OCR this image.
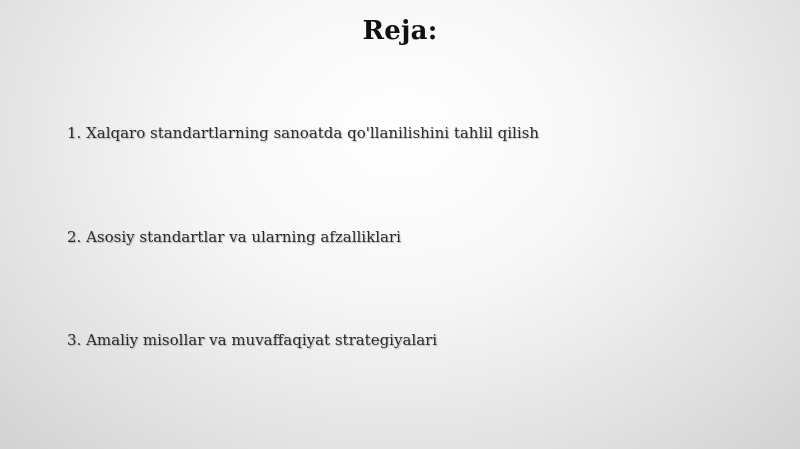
Reja:
1. Xalqaro standartlarning sanoatda qo'llanilishini tahlil qilish
2. Asosiy standartlar va ularning afzalliklari
3. Amaliy misollar va muvaffaqiyat strategiyalari
